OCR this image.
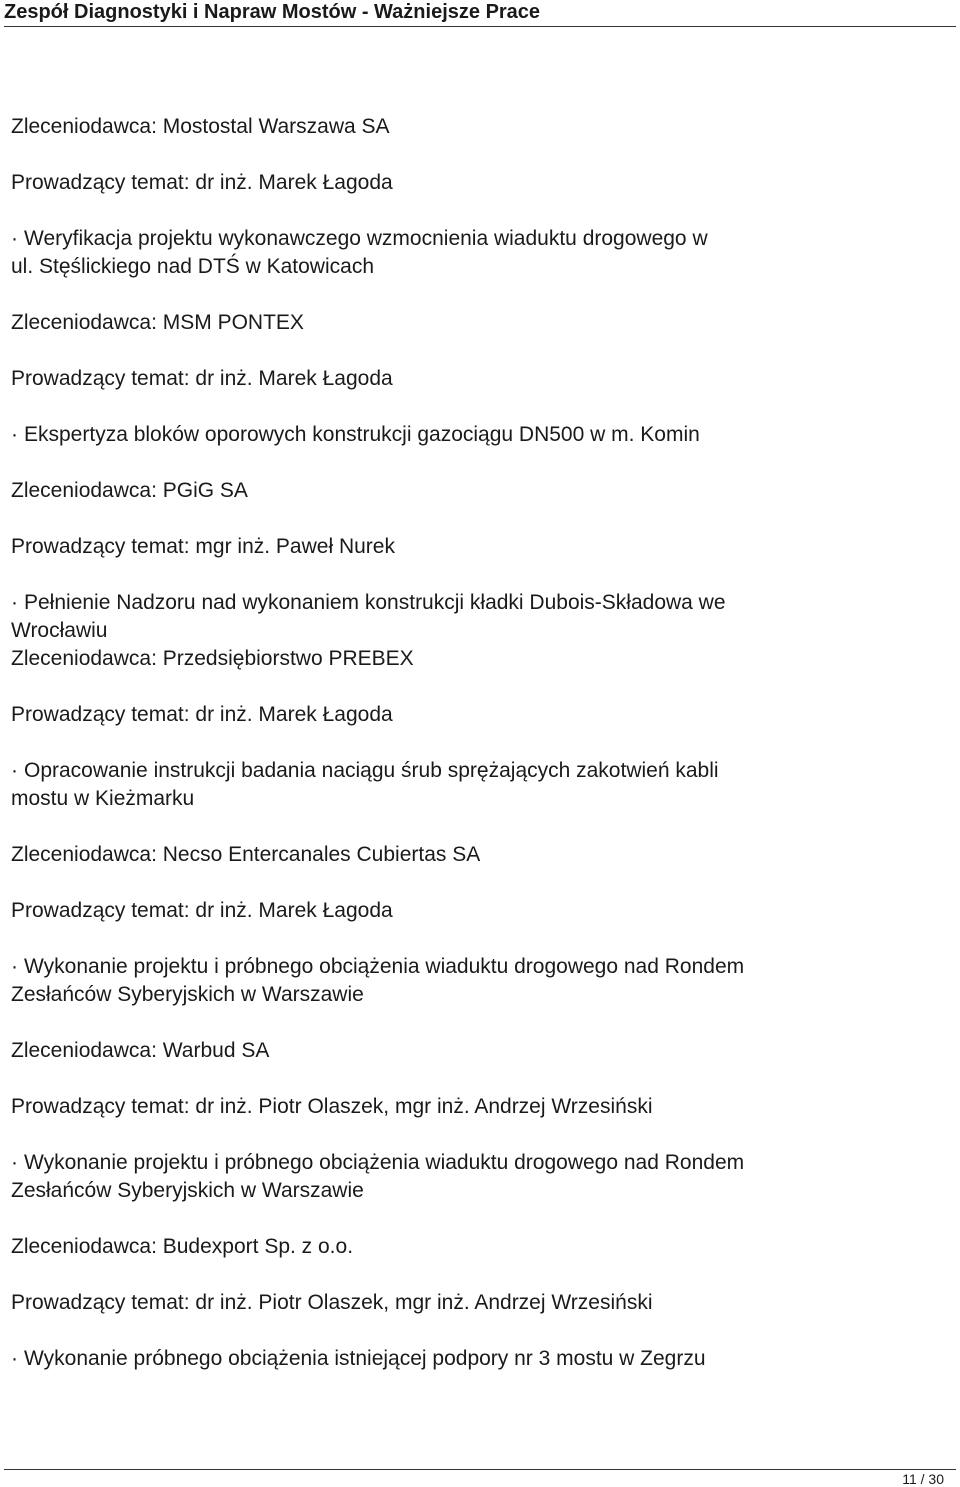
Zespół Diagnostyki i Napraw Mostów - Ważniejsze Prace
Zleceniodawca: Mostostal Warszawa SA
Prowadzący temat: dr inż. Marek Łagoda
· Weryfikacja projektu wykonawczego wzmocnienia wiaduktu drogowego w
ul. Stęślickiego nad DTŚ w Katowicach
Zleceniodawca: MSM PONTEX
Prowadzący temat: dr inż. Marek Łagoda
· Ekspertyza bloków oporowych konstrukcji gazociągu DN500 w m. Komin
Zleceniodawca: PGiG SA
Prowadzący temat: mgr inż. Paweł Nurek
· Pełnienie Nadzoru nad wykonaniem konstrukcji kładki Dubois-Składowa we
Wrocławiu
Zleceniodawca: Przedsiębiorstwo PREBEX
Prowadzący temat: dr inż. Marek Łagoda
· Opracowanie instrukcji badania naciągu śrub sprężających zakotwień kabli
mostu w Kieżmarku
Zleceniodawca: Necso Entercanales Cubiertas SA
Prowadzący temat: dr inż. Marek Łagoda
· Wykonanie projektu i próbnego obciążenia wiaduktu drogowego nad Rondem
Zesłańców Syberyjskich w Warszawie
Zleceniodawca: Warbud SA
Prowadzący temat: dr inż. Piotr Olaszek, mgr inż. Andrzej Wrzesiński
· Wykonanie projektu i próbnego obciążenia wiaduktu drogowego nad Rondem
Zesłańców Syberyjskich w Warszawie
Zleceniodawca: Budexport Sp. z o.o.
Prowadzący temat: dr inż. Piotr Olaszek, mgr inż. Andrzej Wrzesiński
· Wykonanie próbnego obciążenia istniejącej podpory nr 3 mostu w Zegrzu
11 / 30
